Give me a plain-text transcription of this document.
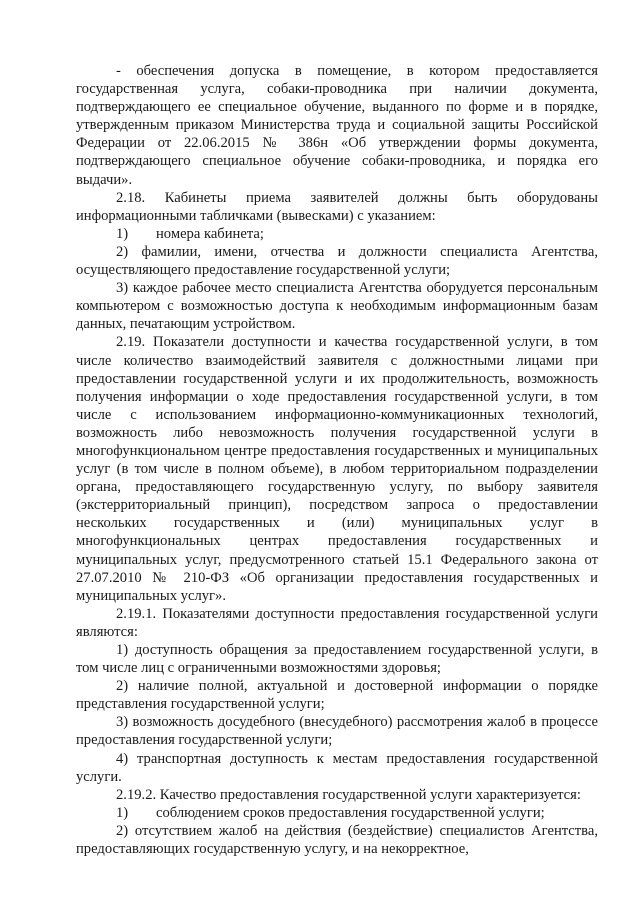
- обеспечения допуска в помещение, в котором предоставляется государственная услуга, собаки-проводника при наличии документа, подтверждающего ее специальное обучение, выданного по форме и в порядке, утвержденным приказом Министерства труда и социальной защиты Российской Федерации от 22.06.2015 № 386н «Об утверждении формы документа, подтверждающего специальное обучение собаки-проводника, и порядка его выдачи».

2.18. Кабинеты приема заявителей должны быть оборудованы информационными табличками (вывесками) с указанием:

1)	номера кабинета;

2) фамилии, имени, отчества и должности специалиста Агентства, осуществляющего предоставление государственной услуги;

3) каждое рабочее место специалиста Агентства оборудуется персональным компьютером с возможностью доступа к необходимым информационным базам данных, печатающим устройством.

2.19. Показатели доступности и качества государственной услуги, в том числе количество взаимодействий заявителя с должностными лицами при предоставлении государственной услуги и их продолжительность, возможность получения информации о ходе предоставления государственной услуги, в том числе с использованием информационно-коммуникационных технологий, возможность либо невозможность получения государственной услуги в многофункциональном центре предоставления государственных и муниципальных услуг (в том числе в полном объеме), в любом территориальном подразделении органа, предоставляющего государственную услугу, по выбору заявителя (экстерриториальный принцип), посредством запроса о предоставлении нескольких государственных и (или) муниципальных услуг в многофункциональных центрах предоставления государственных и муниципальных услуг, предусмотренного статьей 15.1 Федерального закона от 27.07.2010 № 210-ФЗ «Об организации предоставления государственных и муниципальных услуг».

2.19.1. Показателями доступности предоставления государственной услуги являются:

1) доступность обращения за предоставлением государственной услуги, в том числе лиц с ограниченными возможностями здоровья;

2) наличие полной, актуальной и достоверной информации о порядке представления государственной услуги;

3) возможность досудебного (внесудебного) рассмотрения жалоб в процессе предоставления государственной услуги;

4) транспортная доступность к местам предоставления государственной услуги.

2.19.2. Качество предоставления государственной услуги характеризуется:

1)	соблюдением сроков предоставления государственной услуги;

2) отсутствием жалоб на действия (бездействие) специалистов Агентства, предоставляющих государственную услугу, и на некорректное,
